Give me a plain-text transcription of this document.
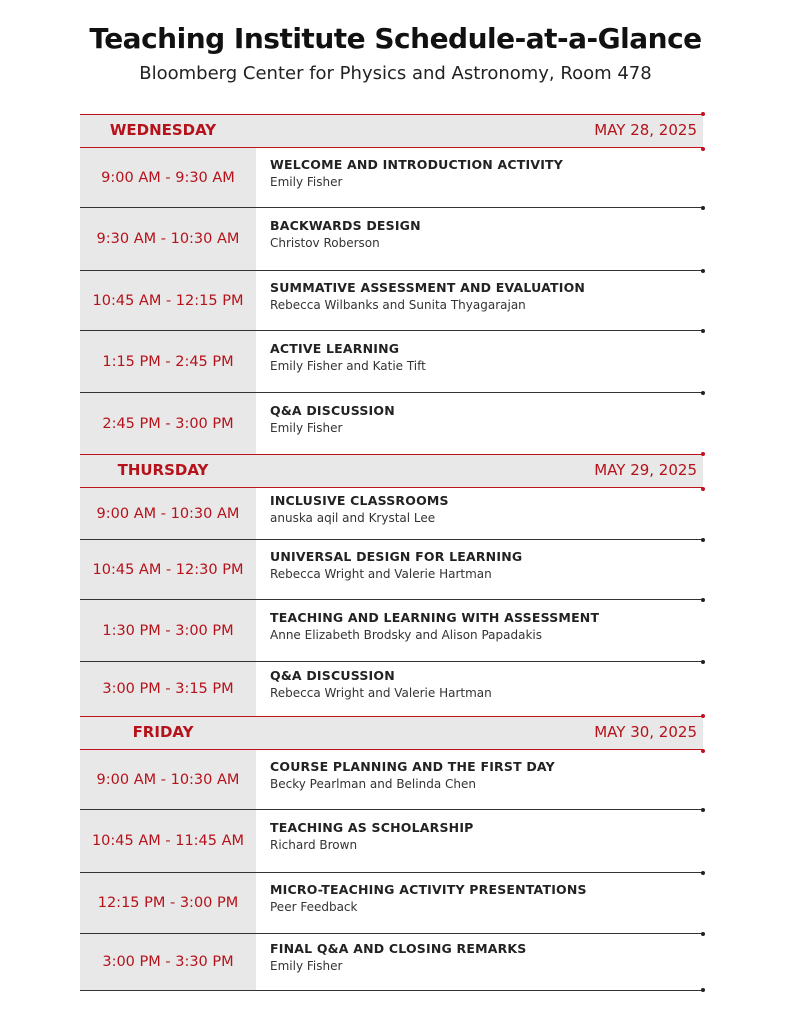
Teaching Institute Schedule-at-a-Glance
Bloomberg Center for Physics and Astronomy, Room 478
WEDNESDAY	MAY 28, 2025
9:00 AM - 9:30 AM
WELCOME AND INTRODUCTION ACTIVITY
Emily Fisher
9:30 AM - 10:30 AM
BACKWARDS DESIGN
Christov Roberson
10:45 AM - 12:15 PM
SUMMATIVE ASSESSMENT AND EVALUATION
Rebecca Wilbanks and Sunita Thyagarajan
1:15 PM - 2:45 PM
ACTIVE LEARNING
Emily Fisher and Katie Tift
2:45 PM - 3:00 PM
Q&A DISCUSSION
Emily Fisher
THURSDAY	MAY 29, 2025
9:00 AM - 10:30 AM
INCLUSIVE CLASSROOMS
anuska aqil and Krystal Lee
10:45 AM - 12:30 PM
UNIVERSAL DESIGN FOR LEARNING
Rebecca Wright and Valerie Hartman
1:30 PM - 3:00 PM
TEACHING AND LEARNING WITH ASSESSMENT
Anne Elizabeth Brodsky and Alison Papadakis
3:00 PM - 3:15 PM
Q&A DISCUSSION
Rebecca Wright and Valerie Hartman
FRIDAY	MAY 30, 2025
9:00 AM - 10:30 AM
COURSE PLANNING AND THE FIRST DAY
Becky Pearlman and Belinda Chen
10:45 AM - 11:45 AM
TEACHING AS SCHOLARSHIP
Richard Brown
12:15 PM - 3:00 PM
MICRO-TEACHING ACTIVITY PRESENTATIONS
Peer Feedback
3:00 PM - 3:30 PM
FINAL Q&A AND CLOSING REMARKS
Emily Fisher
